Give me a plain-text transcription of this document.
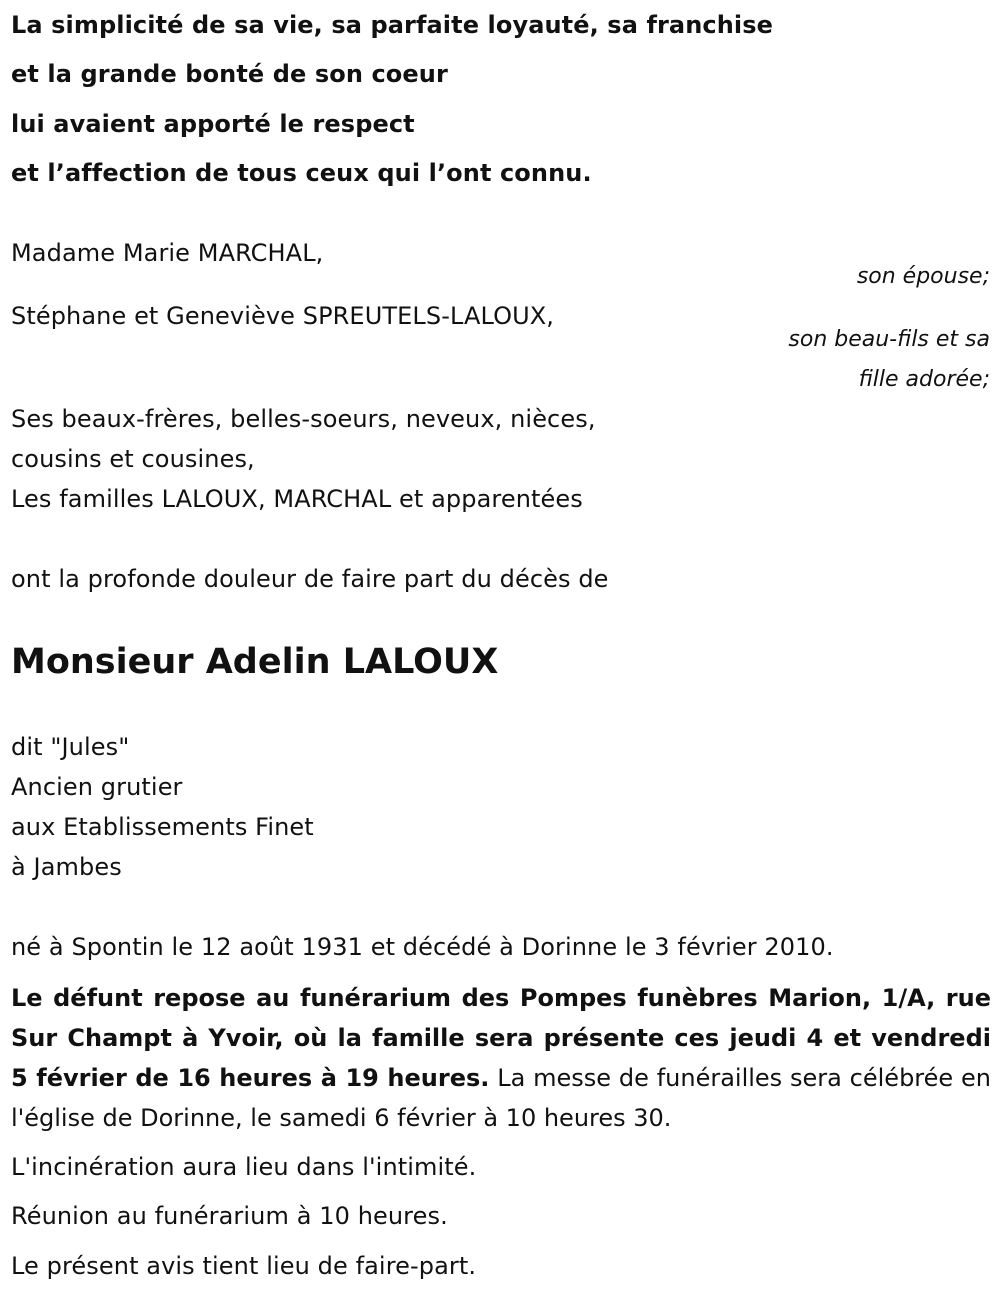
La simplicité de sa vie, sa parfaite loyauté, sa franchise
et la grande bonté de son coeur
lui avaient apporté le respect
et l’affection de tous ceux qui l’ont connu.
Madame Marie MARCHAL,
son épouse;
Stéphane et Geneviève SPREUTELS-LALOUX,
son beau-fils et sa
fille adorée;
Ses beaux-frères, belles-soeurs, neveux, nièces,
cousins et cousines,
Les familles LALOUX, MARCHAL et apparentées
ont la profonde douleur de faire part du décès de
Monsieur Adelin LALOUX
dit "Jules"
Ancien grutier
aux Etablissements Finet
à Jambes
né à Spontin le 12 août 1931 et décédé à Dorinne le 3 février 2010.
Le défunt repose au funérarium des Pompes funèbres Marion, 1/A, rue Sur Champt à Yvoir, où la famille sera présente ces jeudi 4 et vendredi 5 février de 16 heures à 19 heures. La messe de funérailles sera célébrée en l'église de Dorinne, le samedi 6 février à 10 heures 30.
L'incinération aura lieu dans l'intimité.
Réunion au funérarium à 10 heures.
Le présent avis tient lieu de faire-part.
